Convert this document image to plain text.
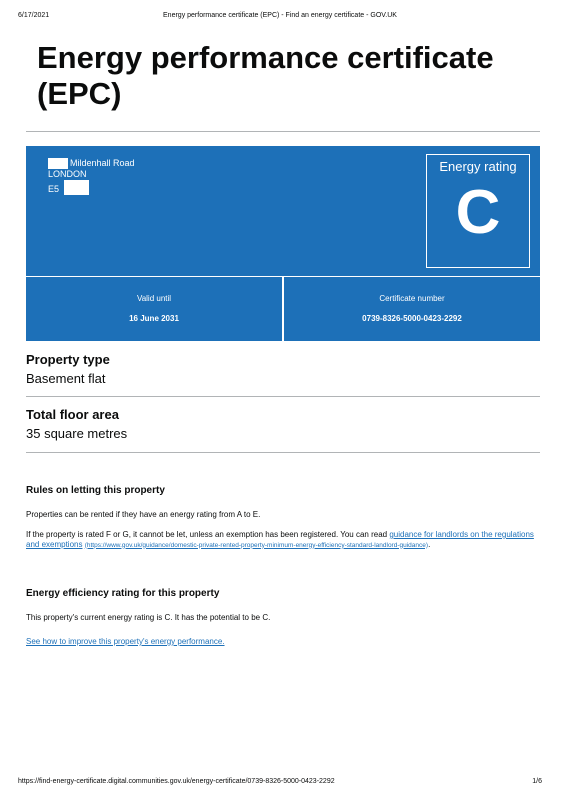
6/17/2021	Energy performance certificate (EPC) - Find an energy certificate - GOV.UK
Energy performance certificate (EPC)
Mildenhall Road
LONDON
E5
Energy rating
C
Valid until
16 June 2031
Certificate number
0739-8326-5000-0423-2292
Property type
Basement flat
Total floor area
35 square metres
Rules on letting this property

Properties can be rented if they have an energy rating from A to E.

If the property is rated F or G, it cannot be let, unless an exemption has been registered. You can read guidance for landlords on the regulations and exemptions (https://www.gov.uk/guidance/domestic-private-rented-property-minimum-energy-efficiency-standard-landlord-guidance).

Energy efficiency rating for this property

This property's current energy rating is C. It has the potential to be C.

See how to improve this property's energy performance.

https://find-energy-certificate.digital.communities.gov.uk/energy-certificate/0739-8326-5000-0423-2292	1/6
